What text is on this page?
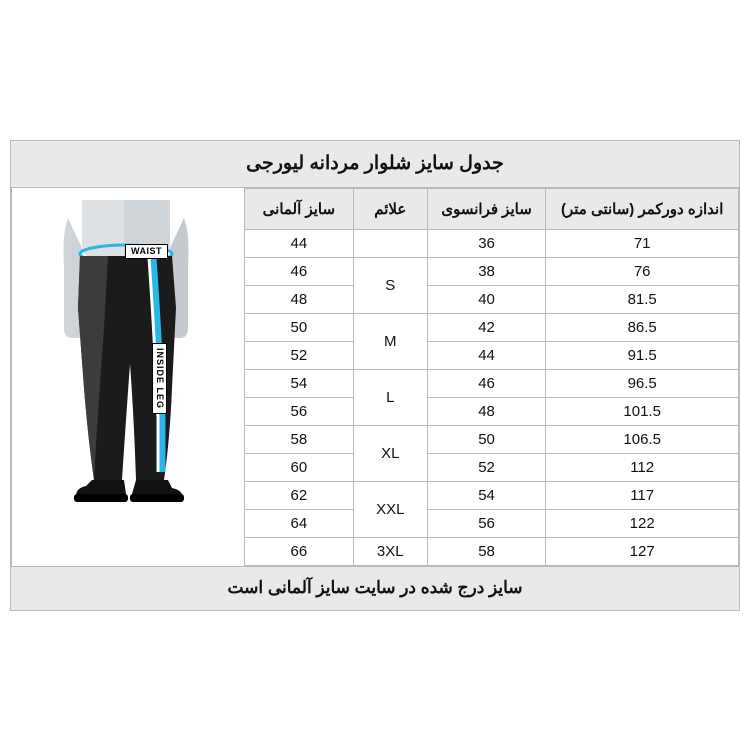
جدول سایز شلوار مردانه لیورجی
WAIST
INSIDE LEG
اندازه دورکمر (سانتی متر)	سایز فرانسوی	علائم	سایز آلمانی
71	36		44
76	38	S	46
81.5	40		48
86.5	42	M	50
91.5	44		52
96.5	46	L	54
101.5	48		56
106.5	50	XL	58
112	52		60
117	54	XXL	62
122	56		64
127	58	3XL	66
سایز درج شده در سایت سایز آلمانی است
